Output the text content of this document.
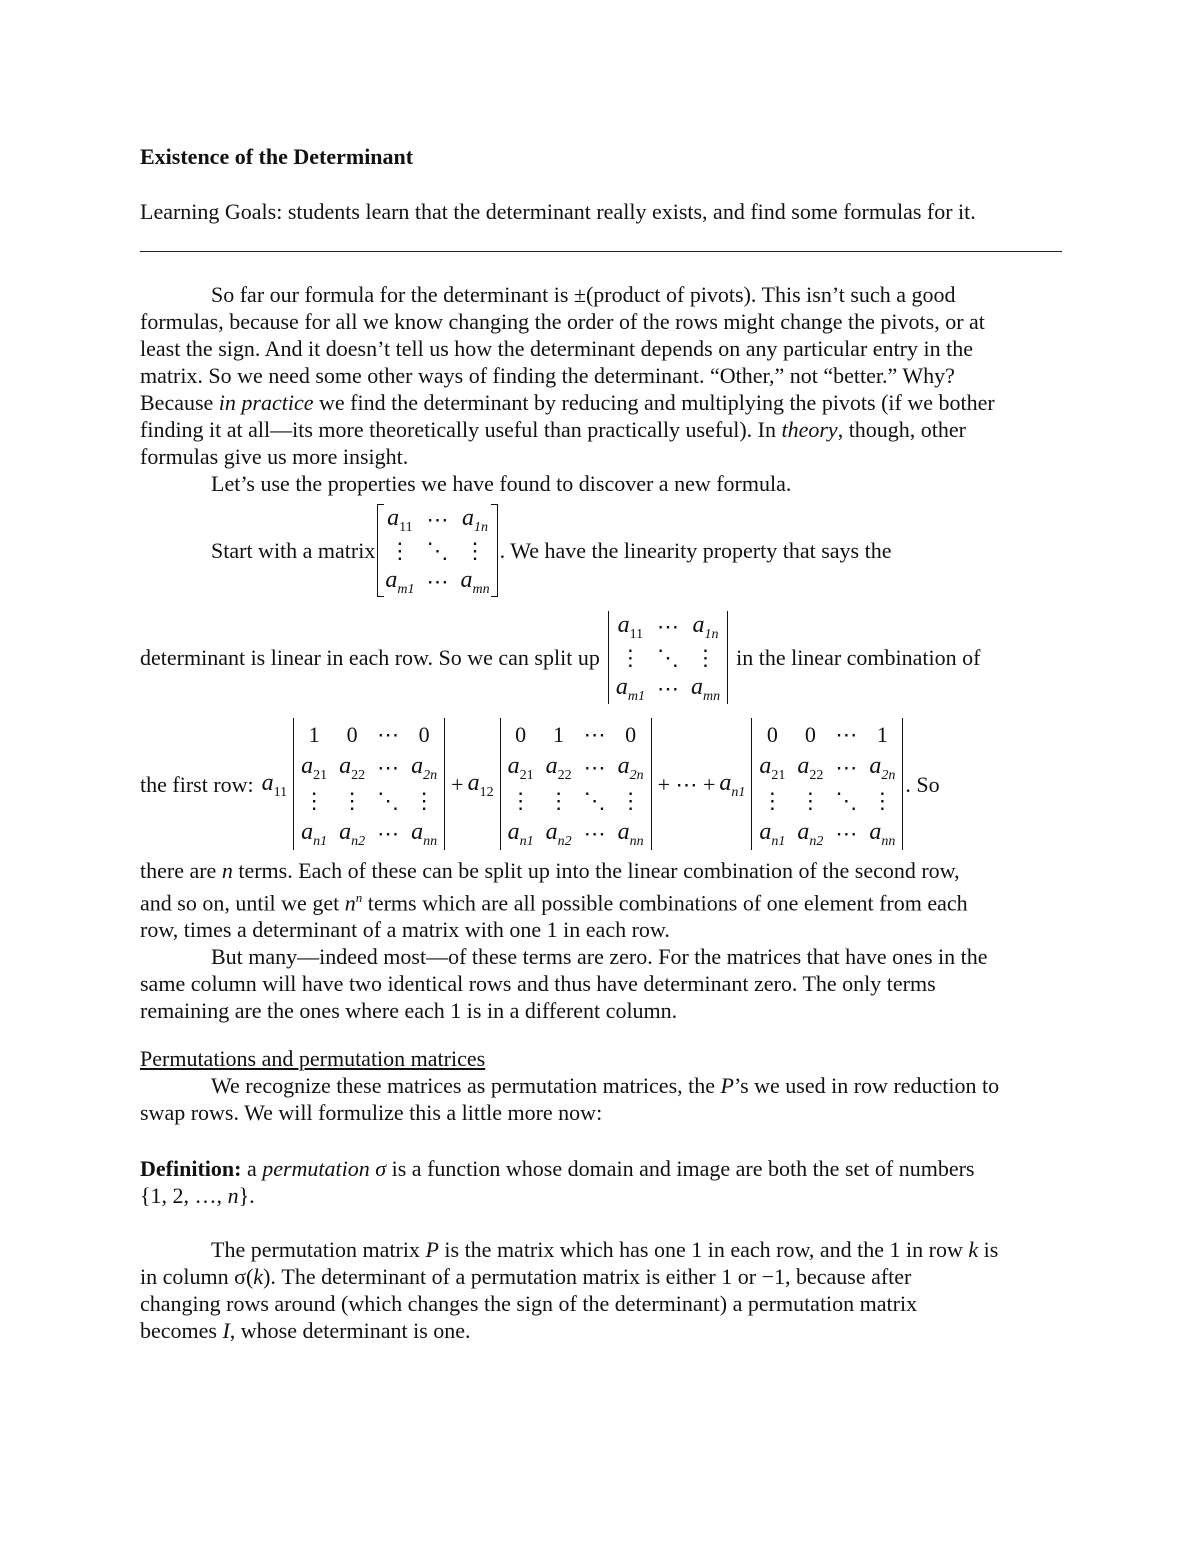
Existence of the Determinant
Learning Goals: students learn that the determinant really exists, and find some formulas for it.
So far our formula for the determinant is ±(product of pivots). This isn’t such a good
formulas, because for all we know changing the order of the rows might change the pivots, or at
least the sign. And it doesn’t tell us how the determinant depends on any particular entry in the
matrix. So we need some other ways of finding the determinant. “Other,” not “better.” Why?
Because in practice we find the determinant by reducing and multiplying the pivots (if we bother
finding it at all—its more theoretically useful than practically useful). In theory, though, other
formulas give us more insight.
Let’s use the properties we have found to discover a new formula.
Start with a matrix
$a_{11}$	⋯	$a_{1n}$
⋮	⋱	⋮
$a_{m1}$	⋯	$a_{mn}$
. We have the linearity property that says the
determinant is linear in each row. So we can split up
$a_{11}$	⋯	$a_{1n}$
⋮	⋱	⋮
$a_{m1}$	⋯	$a_{mn}$
in the linear combination of
the first row: $a_{11}$
1	0	⋯	0
$a_{21}$	$a_{22}$	⋯	$a_{2n}$
⋮	⋮	⋱	⋮
$a_{n1}$	$a_{n2}$	⋯	$a_{nn}$
+ $a_{12}$
0	1	⋯	0
$a_{21}$	$a_{22}$	⋯	$a_{2n}$
⋮	⋮	⋱	⋮
$a_{n1}$	$a_{n2}$	⋯	$a_{nn}$
+ ⋯ + $a_{n1}$
0	0	⋯	1
$a_{21}$	$a_{22}$	⋯	$a_{2n}$
⋮	⋮	⋱	⋮
$a_{n1}$	$a_{n2}$	⋯	$a_{nn}$
. So

there are n terms. Each of these can be split up into the linear combination of the second row,

and so on, until we get $n^n$ terms which are all possible combinations of one element from each

row, times a determinant of a matrix with one 1 in each row.

But many—indeed most—of these terms are zero. For the matrices that have ones in the

same column will have two identical rows and thus have determinant zero. The only terms

remaining are the ones where each 1 is in a different column.

Permutations and permutation matrices

We recognize these matrices as permutation matrices, the P’s we used in row reduction to

swap rows. We will formulize this a little more now:

Definition: a permutation σ is a function whose domain and image are both the set of numbers

{1, 2, …, n}.

The permutation matrix P is the matrix which has one 1 in each row, and the 1 in row k is

in column σ(k). The determinant of a permutation matrix is either 1 or −1, because after

changing rows around (which changes the sign of the determinant) a permutation matrix

becomes I, whose determinant is one.
